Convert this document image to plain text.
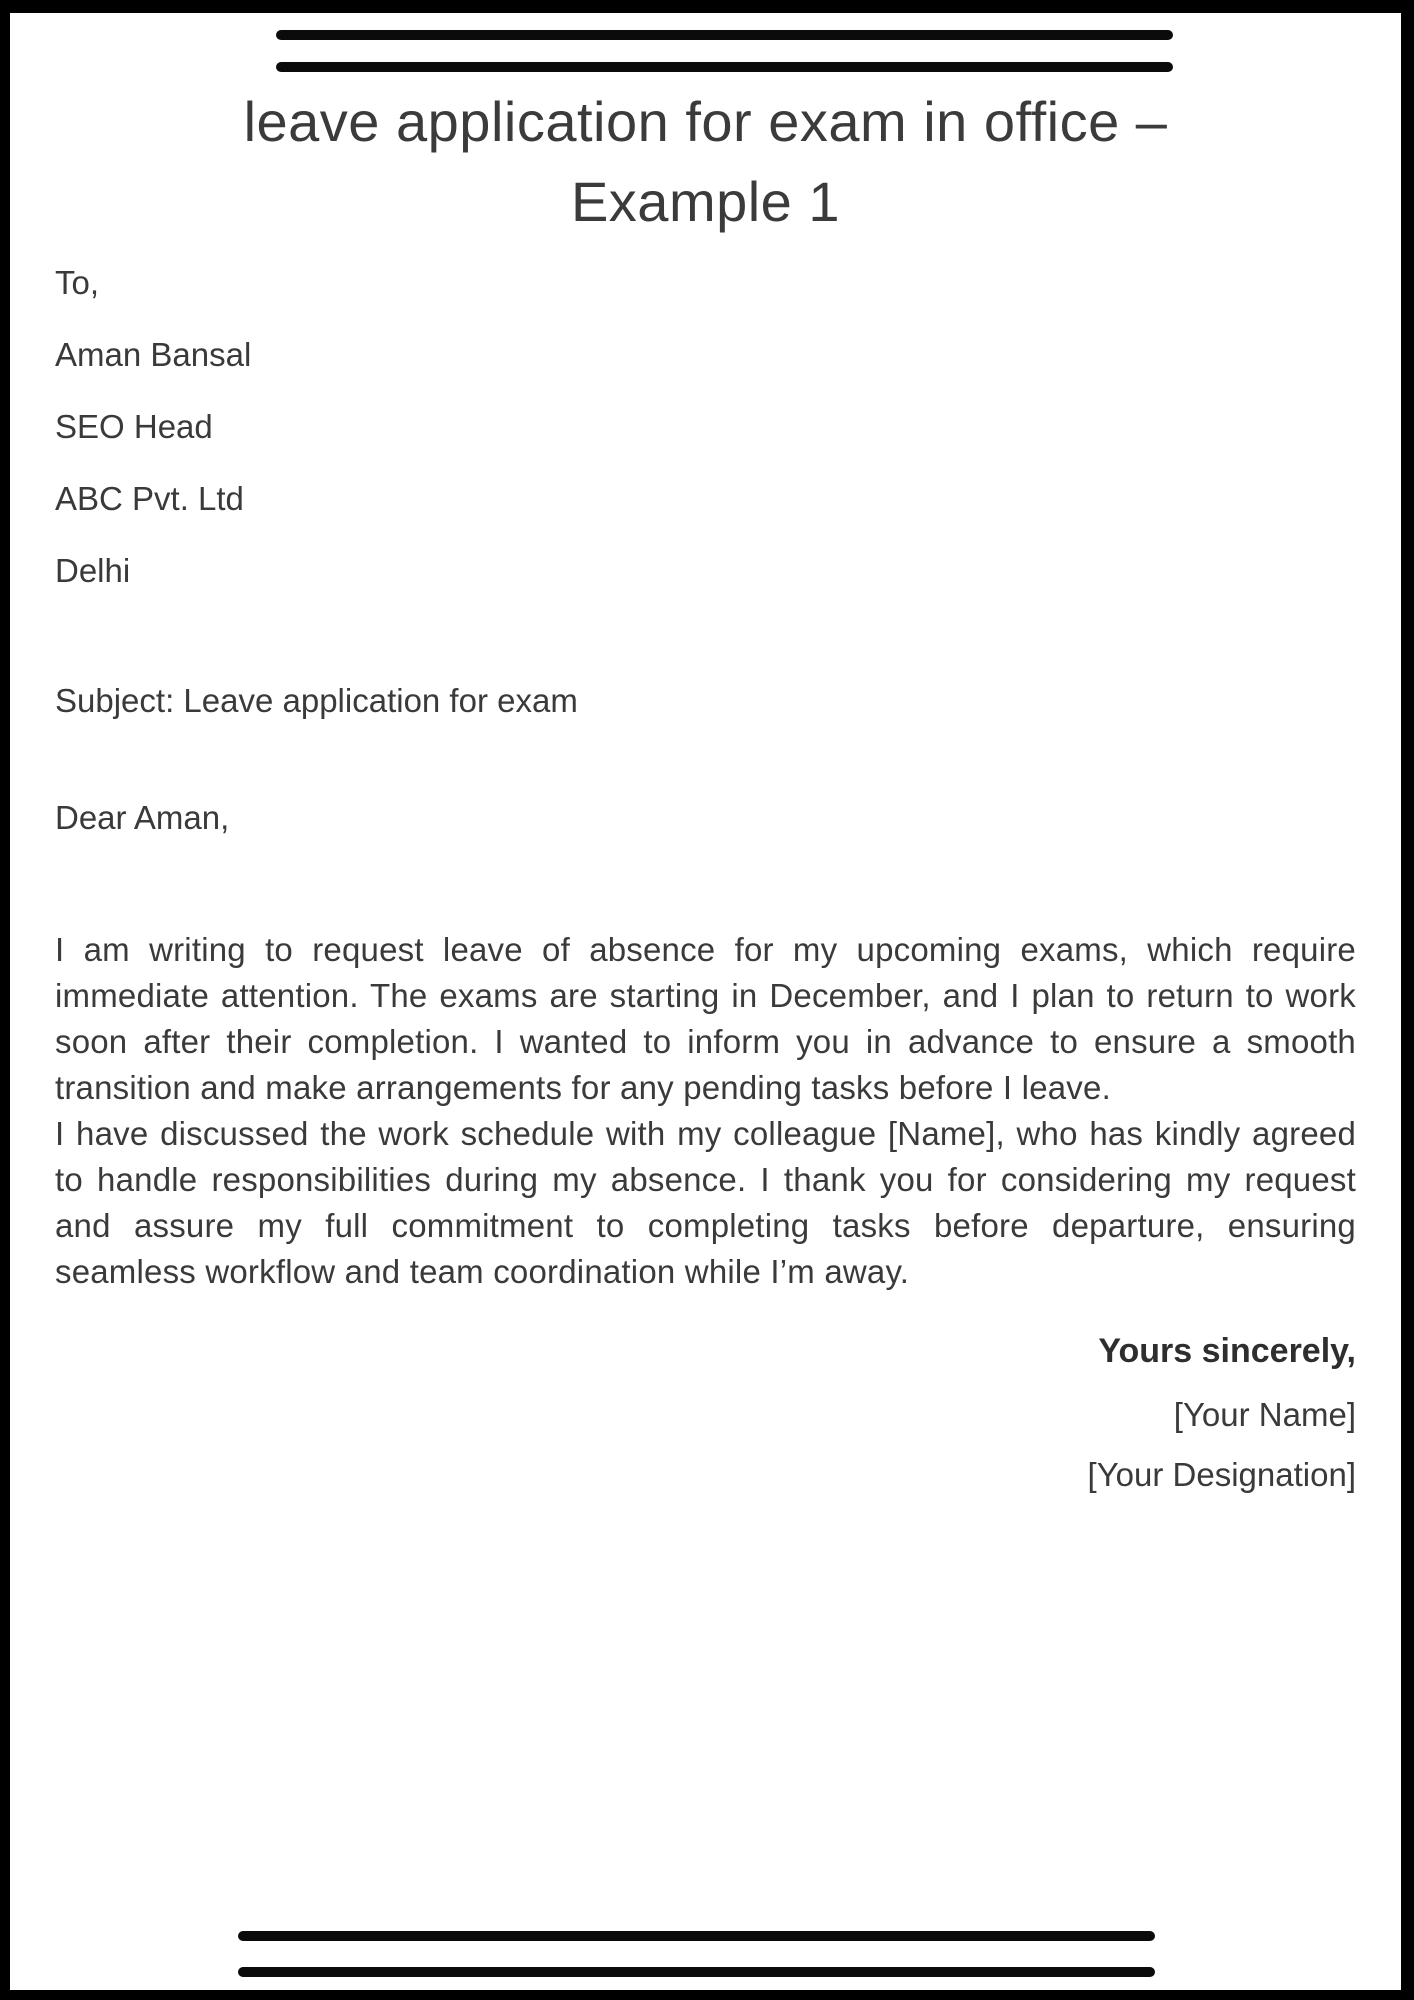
leave application for exam in office – Example 1

To,

Aman Bansal

SEO Head

ABC Pvt. Ltd

Delhi

Subject: Leave application for exam

Dear Aman,

I am writing to request leave of absence for my upcoming exams, which require immediate attention. The exams are starting in December, and I plan to return to work soon after their completion. I wanted to inform you in advance to ensure a smooth transition and make arrangements for any pending tasks before I leave.

I have discussed the work schedule with my colleague [Name], who has kindly agreed to handle responsibilities during my absence. I thank you for considering my request and assure my full commitment to completing tasks before departure, ensuring seamless workflow and team coordination while I’m away.

Yours sincerely,

[Your Name]

[Your Designation]
